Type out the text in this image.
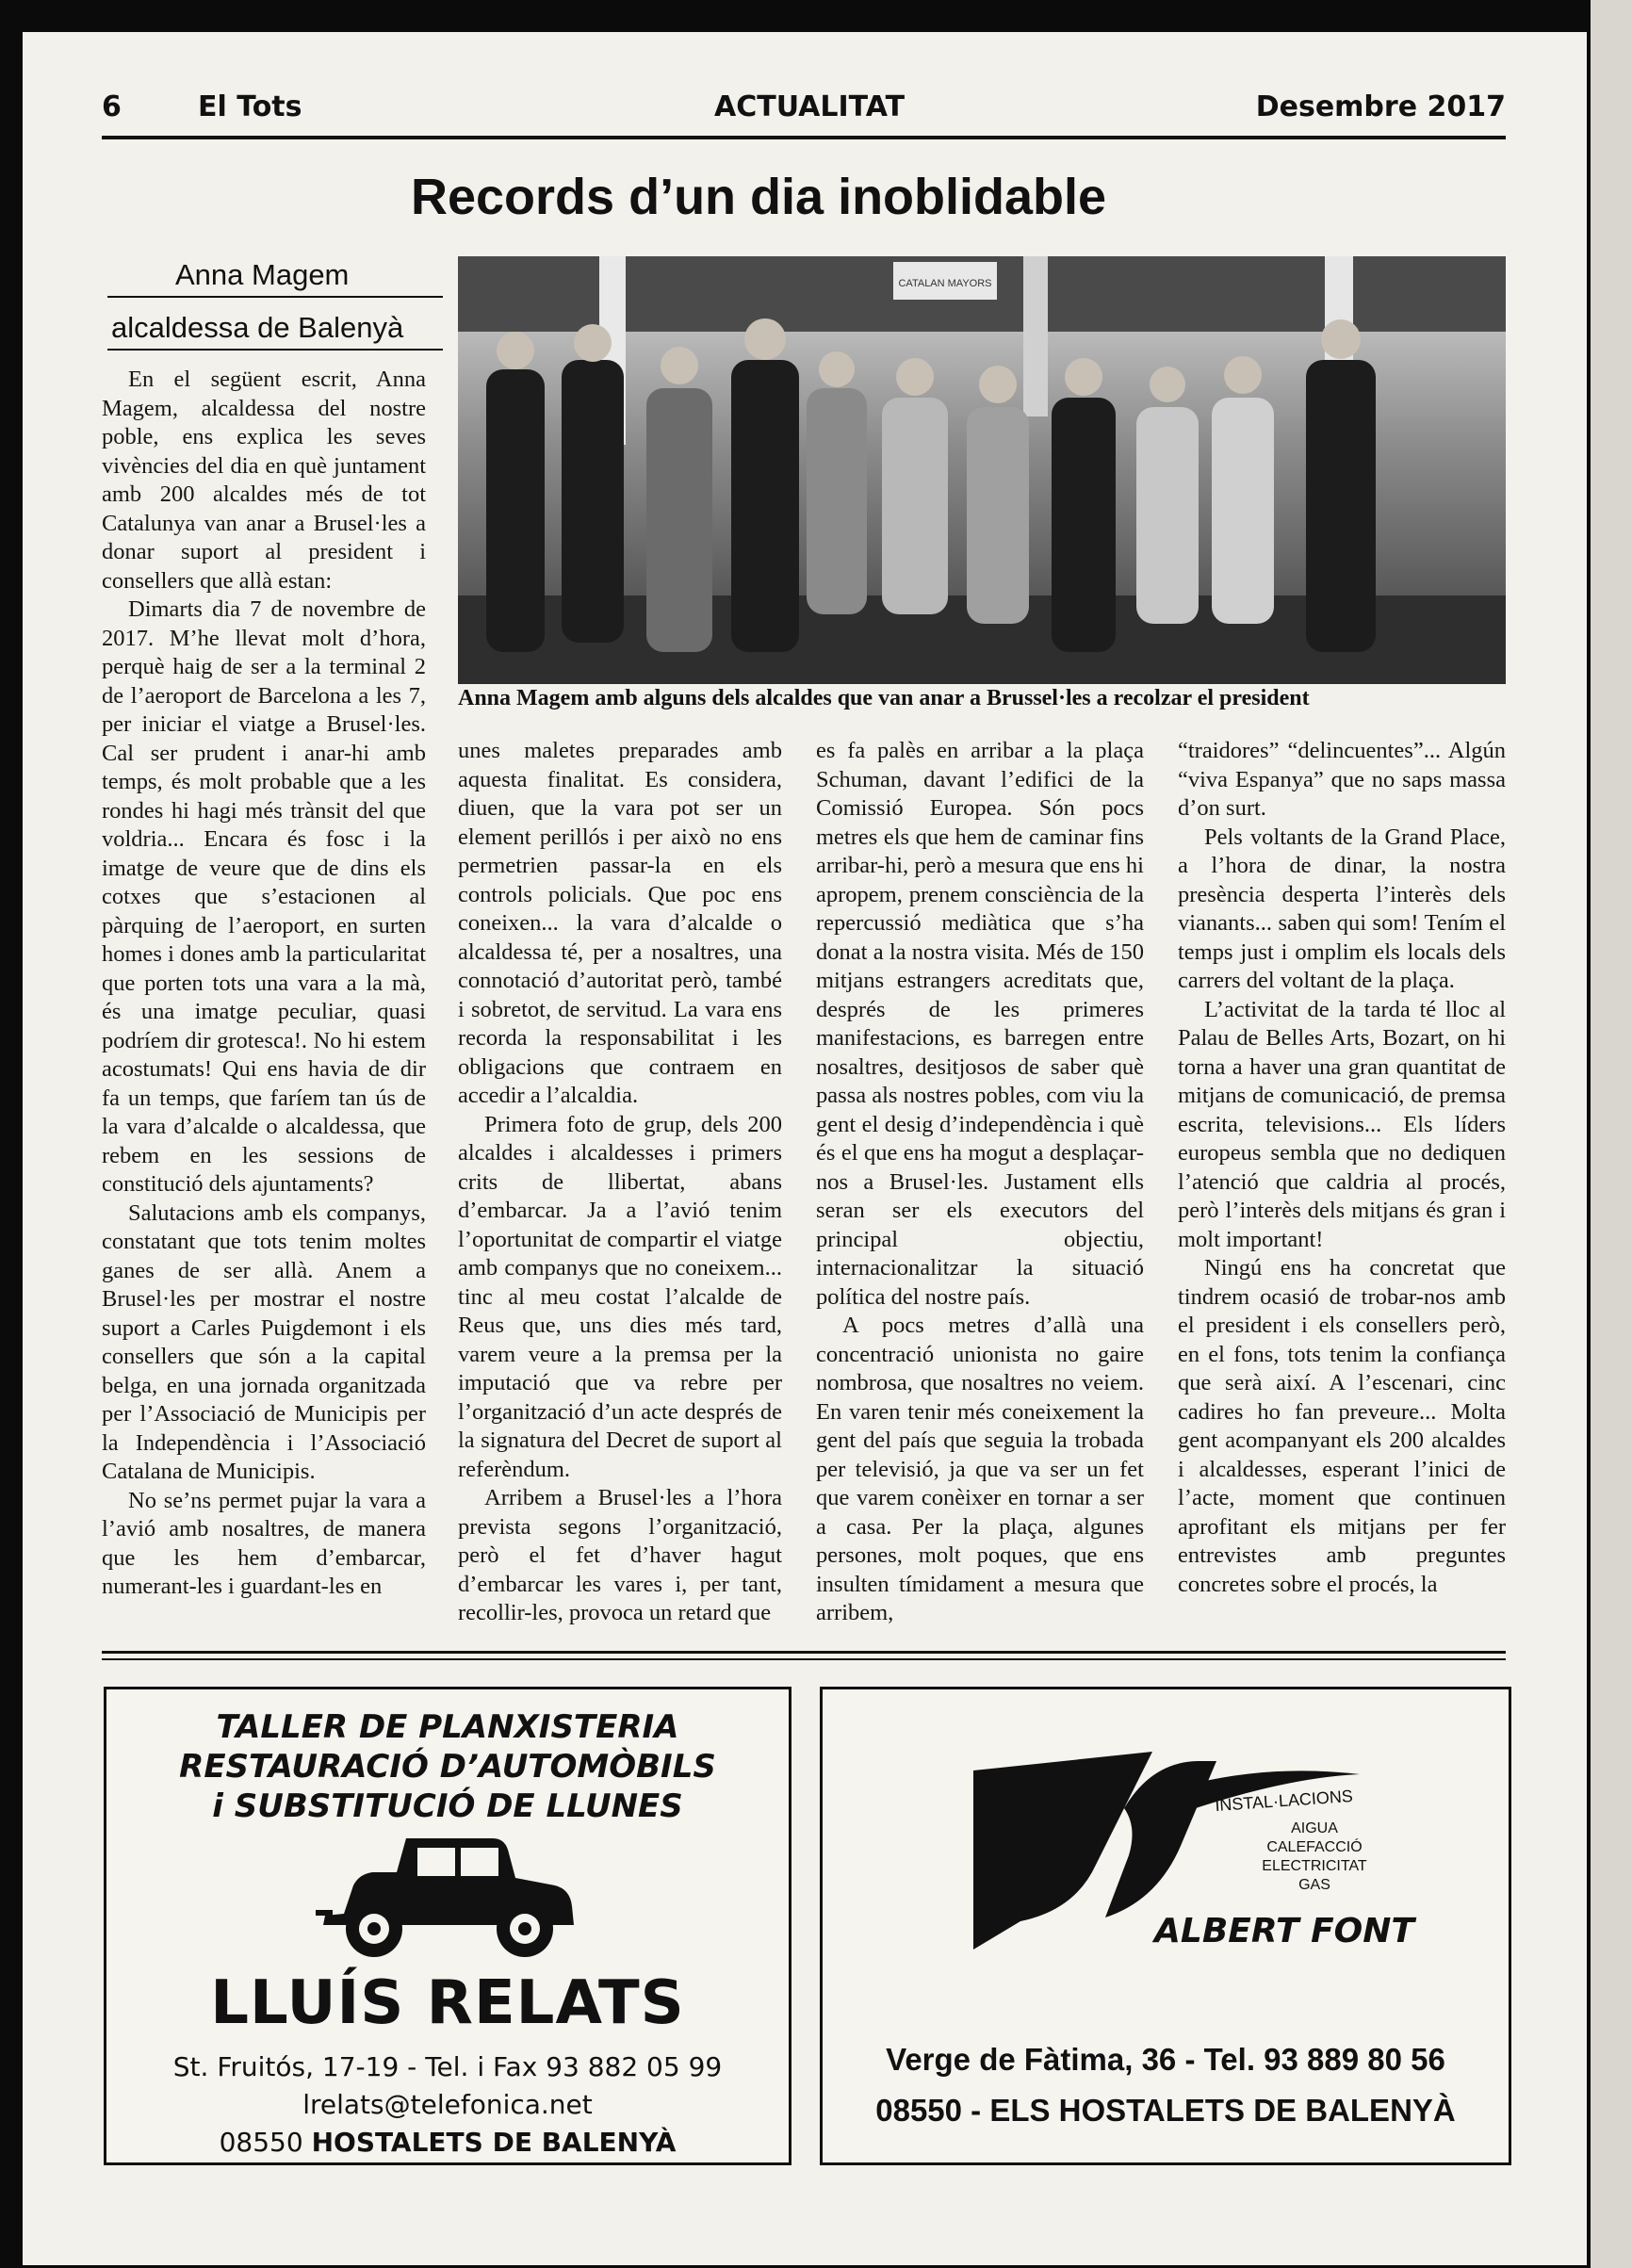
6	El Tots	ACTUALITAT	Desembre 2017
Records d’un dia inoblidable
Anna Magem
alcaldessa de Balenyà
CATALAN MAYORS
Anna Magem amb alguns dels alcaldes que van anar a Brussel·les a recolzar el president

En el següent escrit, Anna Magem, alcaldessa del nostre poble, ens explica les seves vivències del dia en què juntament amb 200 alcaldes més de tot Catalunya van anar a Brusel·les a donar suport al president i consellers que allà estan:

Dimarts dia 7 de novembre de 2017. M’he llevat molt d’hora, perquè haig de ser a la terminal 2 de l’aeroport de Barcelona a les 7, per iniciar el viatge a Brusel·les. Cal ser prudent i anar-hi amb temps, és molt probable que a les rondes hi hagi més trànsit del que voldria... Encara és fosc i la imatge de veure que de dins els cotxes que s’estacionen al pàrquing de l’aeroport, en surten homes i dones amb la particularitat que porten tots una vara a la mà, és una imatge peculiar, quasi podríem dir grotesca!. No hi estem acostumats! Qui ens havia de dir fa un temps, que faríem tan ús de la vara d’alcalde o alcaldessa, que rebem en les sessions de constitució dels ajuntaments?

Salutacions amb els companys, constatant que tots tenim moltes ganes de ser allà. Anem a Brusel·les per mostrar el nostre suport a Carles Puigdemont i els consellers que són a la capital belga, en una jornada organitzada per l’Associació de Municipis per la Independència i l’Associació Catalana de Municipis.

No se’ns permet pujar la vara a l’avió amb nosaltres, de manera que les hem d’embarcar, numerant-les i guardant-les en

unes maletes preparades amb aquesta finalitat. Es considera, diuen, que la vara pot ser un element perillós i per això no ens permetrien passar-la en els controls policials. Que poc ens coneixen... la vara d’alcalde o alcaldessa té, per a nosaltres, una connotació d’autoritat però, també i sobretot, de servitud. La vara ens recorda la responsabilitat i les obligacions que contraem en accedir a l’alcaldia.

Primera foto de grup, dels 200 alcaldes i alcaldesses i primers crits de llibertat, abans d’embarcar. Ja a l’avió tenim l’oportunitat de compartir el viatge amb companys que no coneixem... tinc al meu costat l’alcalde de Reus que, uns dies més tard, varem veure a la premsa per la imputació que va rebre per l’organització d’un acte després de la signatura del Decret de suport al referèndum.

Arribem a Brusel·les a l’hora prevista segons l’organització, però el fet d’haver hagut d’embarcar les vares i, per tant, recollir-les, provoca un retard que

es fa palès en arribar a la plaça Schuman, davant l’edifici de la Comissió Europea. Són pocs metres els que hem de caminar fins arribar-hi, però a mesura que ens hi apropem, prenem consciència de la repercussió mediàtica que s’ha donat a la nostra visita. Més de 150 mitjans estrangers acreditats que, després de les primeres manifestacions, es barregen entre nosaltres, desitjosos de saber què passa als nostres pobles, com viu la gent el desig d’independència i què és el que ens ha mogut a desplaçar-nos a Brusel·les. Justament ells seran ser els executors del principal objectiu, internacionalitzar la situació política del nostre país.

A pocs metres d’allà una concentració unionista no gaire nombrosa, que nosaltres no veiem. En varen tenir més coneixement la gent del país que seguia la trobada per televisió, ja que va ser un fet que varem conèixer en tornar a ser a casa. Per la plaça, algunes persones, molt poques, que ens insulten tímidament a mesura que arribem,

“traidores” “delincuentes”... Algún “viva Espanya” que no saps massa d’on surt.

Pels voltants de la Grand Place, a l’hora de dinar, la nostra presència desperta l’interès dels vianants... saben qui som! Tením el temps just i omplim els locals dels carrers del voltant de la plaça.

L’activitat de la tarda té lloc al Palau de Belles Arts, Bozart, on hi torna a haver una gran quantitat de mitjans de comunicació, de premsa escrita, televisions... Els líders europeus sembla que no dediquen l’atenció que caldria al procés, però l’interès dels mitjans és gran i molt important!

Ningú ens ha concretat que tindrem ocasió de trobar-nos amb el president i els consellers però, en el fons, tots tenim la confiança que serà així. A l’escenari, cinc cadires ho fan preveure... Molta gent acompanyant els 200 alcaldes i alcaldesses, esperant l’inici de l’acte, moment que continuen aprofitant els mitjans per fer entrevistes amb preguntes concretes sobre el procés, la

TALLER DE PLANXISTERIA
RESTAURACIÓ D’AUTOMÒBILS
i SUBSTITUCIÓ DE LLUNES
LLUÍS RELATS
St. Fruitós, 17-19 - Tel. i Fax 93 882 05 99
lrelats@telefonica.net
08550 HOSTALETS DE BALENYÀ
AIGUA
CALEFACCIÓ
ELECTRICITAT
GAS
INSTAL·LACIONS
ALBERT FONT
Verge de Fàtima, 36 - Tel. 93 889 80 56
08550 - ELS HOSTALETS DE BALENYÀ
